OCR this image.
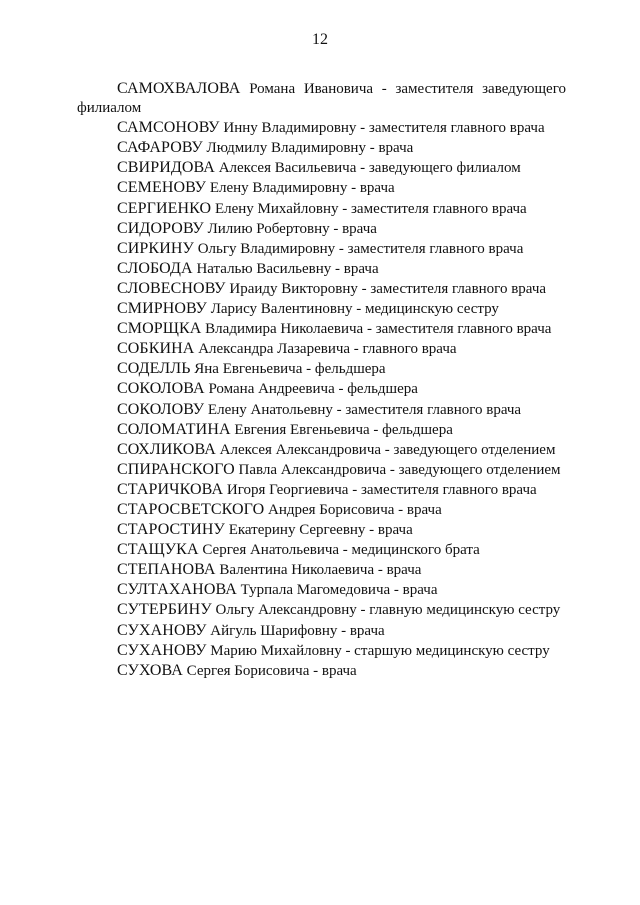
12

САМОХВАЛОВА Романа Ивановича - заместителя заведующего филиалом

САМСОНОВУ Инну Владимировну - заместителя главного врача

САФАРОВУ Людмилу Владимировну - врача

СВИРИДОВА Алексея Васильевича - заведующего филиалом

СЕМЕНОВУ Елену Владимировну - врача

СЕРГИЕНКО Елену Михайловну - заместителя главного врача

СИДОРОВУ Лилию Робертовну - врача

СИРКИНУ Ольгу Владимировну - заместителя главного врача

СЛОБОДА Наталью Васильевну - врача

СЛОВЕСНОВУ Ираиду Викторовну - заместителя главного врача

СМИРНОВУ Ларису Валентиновну - медицинскую сестру

СМОРЩКА Владимира Николаевича - заместителя главного врача

СОБКИНА Александра Лазаревича - главного врача

СОДЕЛЛЬ Яна Евгеньевича - фельдшера

СОКОЛОВА Романа Андреевича - фельдшера

СОКОЛОВУ Елену Анатольевну - заместителя главного врача

СОЛОМАТИНА Евгения Евгеньевича - фельдшера

СОХЛИКОВА Алексея Александровича - заведующего отделением

СПИРАНСКОГО Павла Александровича - заведующего отделением

СТАРИЧКОВА Игоря Георгиевича - заместителя главного врача

СТАРОСВЕТСКОГО Андрея Борисовича - врача

СТАРОСТИНУ Екатерину Сергеевну - врача

СТАЩУКА Сергея Анатольевича - медицинского брата

СТЕПАНОВА Валентина Николаевича - врача

СУЛТАХАНОВА Турпала Магомедовича - врача

СУТЕРБИНУ Ольгу Александровну - главную медицинскую сестру

СУХАНОВУ Айгуль Шарифовну - врача

СУХАНОВУ Марию Михайловну - старшую медицинскую сестру

СУХОВА Сергея Борисовича - врача
